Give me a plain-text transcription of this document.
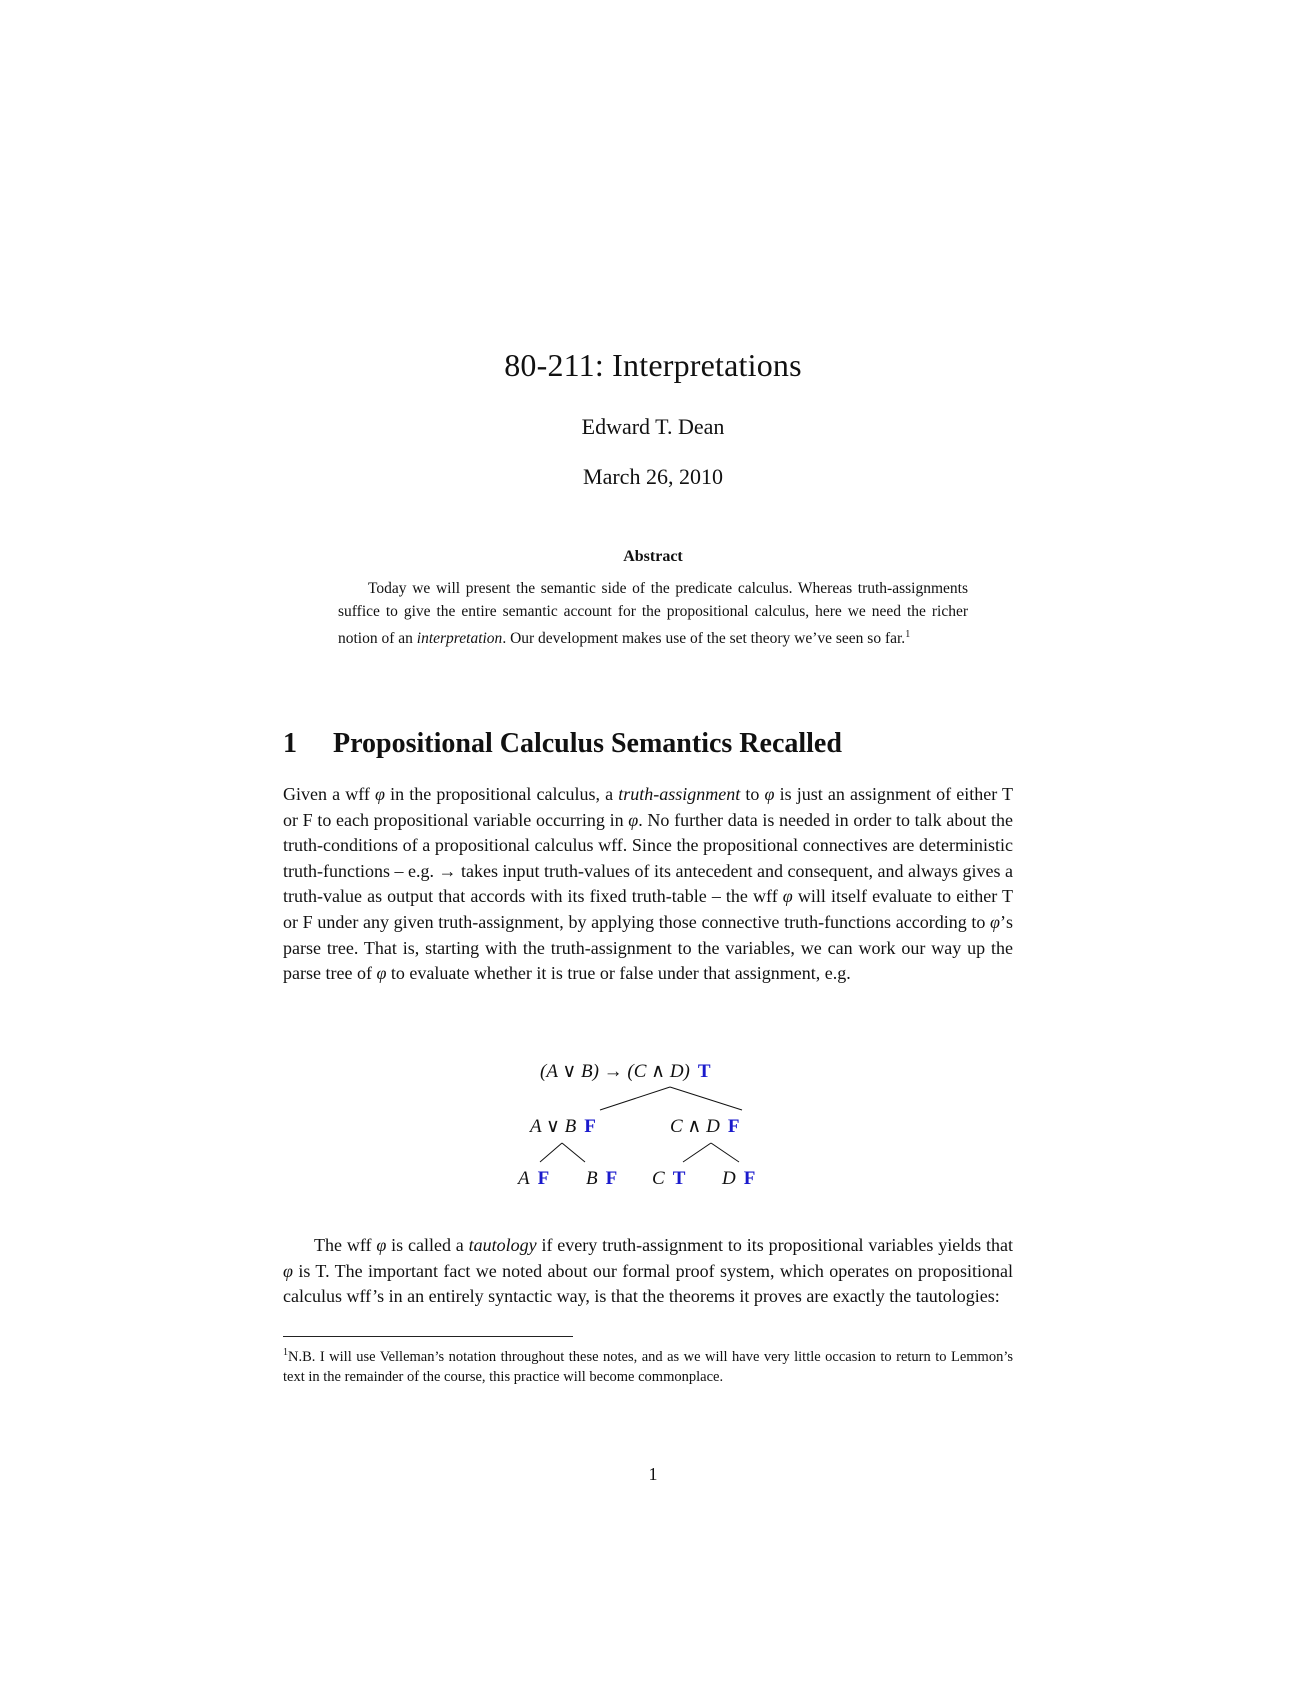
80-211: Interpretations
Edward T. Dean
March 26, 2010
Abstract

Today we will present the semantic side of the predicate calculus. Whereas truth-assignments suffice to give the entire semantic account for the propositional calculus, here we need the richer notion of an interpretation. Our development makes use of the set theory we’ve seen so far.$^1$

1 Propositional Calculus Semantics Recalled

Given a wff φ in the propositional calculus, a truth-assignment to φ is just an assignment of either T or F to each propositional variable occurring in φ. No further data is needed in order to talk about the truth-conditions of a propositional calculus wff. Since the propositional connectives are deterministic truth-functions – e.g. → takes input truth-values of its antecedent and consequent, and always gives a truth-value as output that accords with its fixed truth-table – the wff φ will itself evaluate to either T or F under any given truth-assignment, by applying those connective truth-functions according to φ’s parse tree. That is, starting with the truth-assignment to the variables, we can work our way up the parse tree of φ to evaluate whether it is true or false under that assignment, e.g.

(A ∨ B) → (C ∧ D) T
A ∨ B F	C ∧ D F
A F B F C T D F

The wff φ is called a tautology if every truth-assignment to its propositional variables yields that φ is T. The important fact we noted about our formal proof system, which operates on propositional calculus wff’s in an entirely syntactic way, is that the theorems it proves are exactly the tautologies:

$^1$N.B. I will use Velleman’s notation throughout these notes, and as we will have very little occasion to return to Lemmon’s text in the remainder of the course, this practice will become commonplace.

1
